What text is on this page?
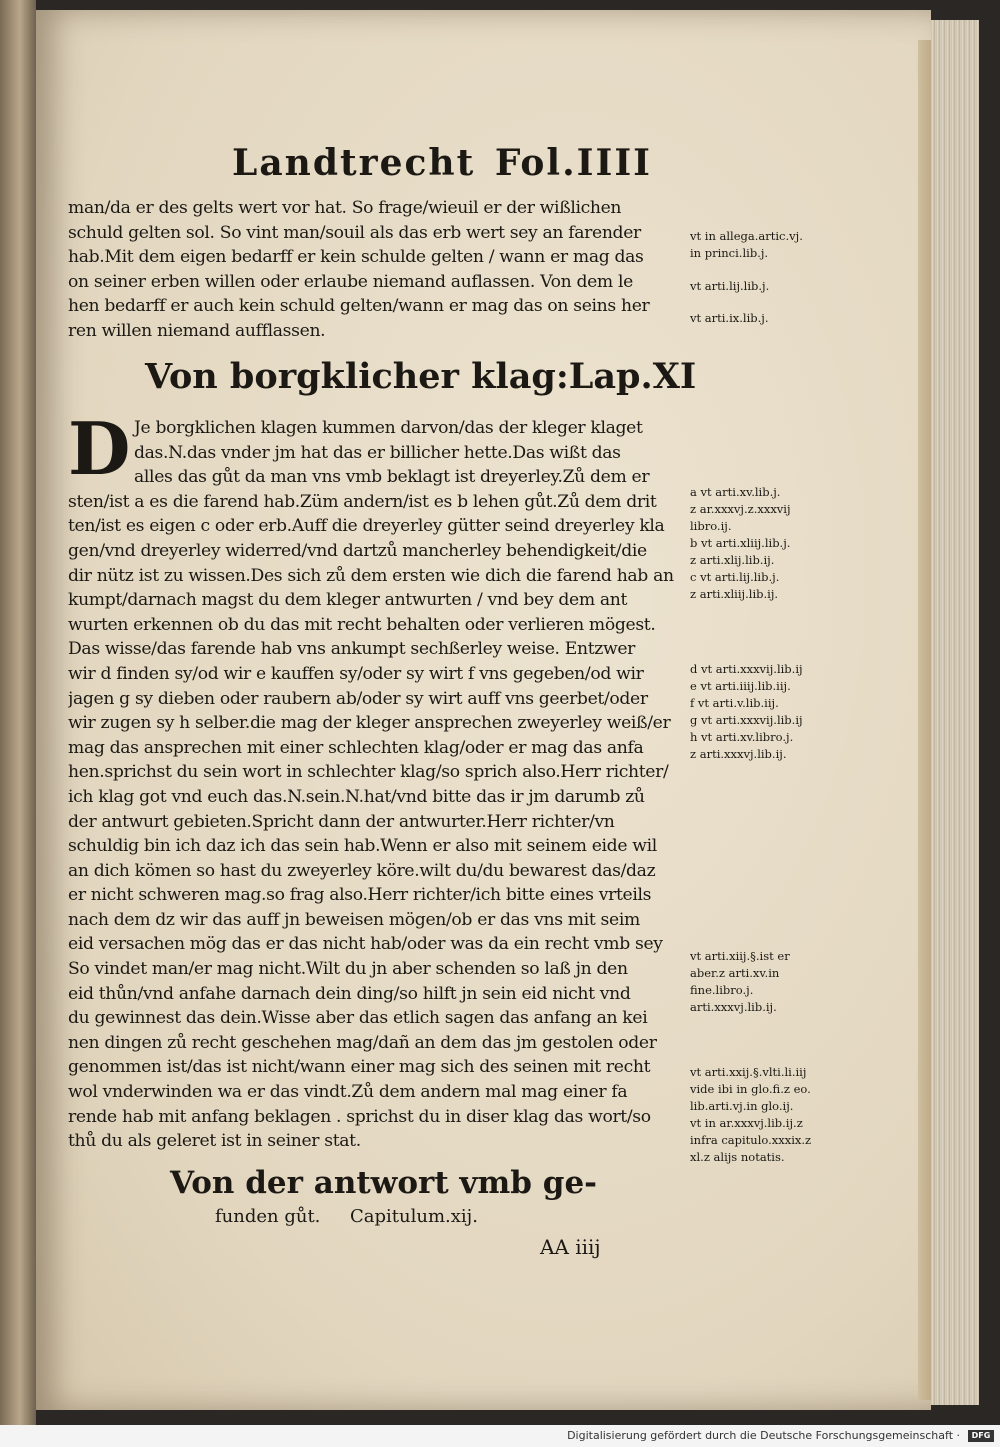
Landtrecht Fol.IIII
man/da er des gelts wert vor hat. So frage/wieuil er der wißlichen
schuld gelten sol. So vint man/souil als das erb wert sey an farender
hab.Mit dem eigen bedarff er kein schulde gelten / wann er mag das
on seiner erben willen oder erlaube niemand auflassen. Von dem le
hen bedarff er auch kein schuld gelten/wann er mag das on seins her
ren willen niemand aufflassen.
Von borgklicher klag:Lap.XI
D Je borgklichen klagen kummen darvon/das der kleger klaget
das.N.das vnder jm hat das er billicher hette.Das wißt das
alles das gůt da man vns vmb beklagt ist dreyerley.Zů dem er
sten/ist a es die farend hab.Züm andern/ist es b lehen gůt.Zů dem drit
ten/ist es eigen c oder erb.Auff die dreyerley gütter seind dreyerley kla
gen/vnd dreyerley widerred/vnd dartzů mancherley behendigkeit/die
dir nütz ist zu wissen.Des sich zů dem ersten wie dich die farend hab an
kumpt/darnach magst du dem kleger antwurten / vnd bey dem ant
wurten erkennen ob du das mit recht behalten oder verlieren mögest.
Das wisse/das farende hab vns ankumpt sechßerley weise. Entzwer
wir d finden sy/od wir e kauffen sy/oder sy wirt f vns gegeben/od wir
jagen g sy dieben oder raubern ab/oder sy wirt auff vns geerbet/oder
wir zugen sy h selber.die mag der kleger ansprechen zweyerley weiß/er
mag das ansprechen mit einer schlechten klag/oder er mag das anfa
hen.sprichst du sein wort in schlechter klag/so sprich also.Herr richter/
ich klag got vnd euch das.N.sein.N.hat/vnd bitte das ir jm darumb zů
der antwurt gebieten.Spricht dann der antwurter.Herr richter/vn
schuldig bin ich daz ich das sein hab.Wenn er also mit seinem eide wil
an dich kömen so hast du zweyerley köre.wilt du/du bewarest das/daz
er nicht schweren mag.so frag also.Herr richter/ich bitte eines vrteils
nach dem dz wir das auff jn beweisen mögen/ob er das vns mit seim
eid versachen mög das er das nicht hab/oder was da ein recht vmb sey
So vindet man/er mag nicht.Wilt du jn aber schenden so laß jn den
eid thůn/vnd anfahe darnach dein ding/so hilft jn sein eid nicht vnd
du gewinnest das dein.Wisse aber das etlich sagen das anfang an kei
nen dingen zů recht geschehen mag/dañ an dem das jm gestolen oder
genommen ist/das ist nicht/wann einer mag sich des seinen mit recht
wol vnderwinden wa er das vindt.Zů dem andern mal mag einer fa
rende hab mit anfang beklagen . sprichst du in diser klag das wort/so
thů du als geleret ist in seiner stat.
vt in allega.artic.vj.
in princi.lib.j.
vt arti.lij.lib.j.
vt arti.ix.lib.j.
a vt arti.xv.lib.j.
z ar.xxxvj.z.xxxvij
libro.ij.
b vt arti.xliij.lib.j.
z arti.xlij.lib.ij.
c vt arti.lij.lib.j.
z arti.xliij.lib.ij.
d vt arti.xxxvij.lib.ij
e vt arti.iiij.lib.iij.
f vt arti.v.lib.iij.
g vt arti.xxxvij.lib.ij
h vt arti.xv.libro.j.
z arti.xxxvj.lib.ij.
vt arti.xiij.§.ist er
aber.z arti.xv.in
fine.libro.j.
arti.xxxvj.lib.ij.
vt arti.xxij.§.vlti.li.iij
vide ibi in glo.fi.z eo.
lib.arti.vj.in glo.ij.
vt in ar.xxxvj.lib.ij.z
infra capitulo.xxxix.z
xl.z alijs notatis.
Von der antwort vmb ge-
funden gůt. Capitulum.xij.
AA iiij
Digitalisierung gefördert durch die Deutsche Forschungsgemeinschaft ·	DFG
